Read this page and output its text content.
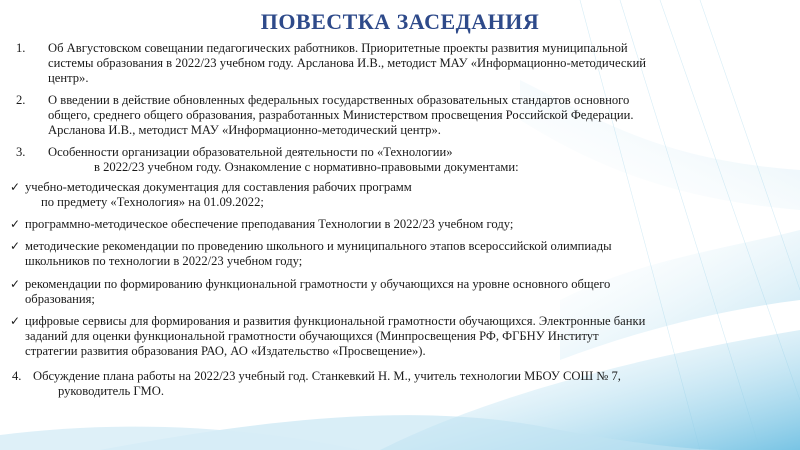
ПОВЕСТКА ЗАСЕДАНИЯ
1. Об Августовском совещании педагогических работников. Приоритетные проекты развития муниципальной
системы образования в 2022/23 учебном году. Арсланова И.В., методист МАУ «Информационно-методический
центр».
2. О введении в действие обновленных федеральных государственных образовательных стандартов основного
общего, среднего общего образования, разработанных Министерством просвещения Российской Федерации.
Арсланова И.В., методист МАУ «Информационно-методический центр».
3. Особенности организации образовательной деятельности по «Технологии»
в 2022/23 учебном году. Ознакомление с нормативно-правовыми документами:
✓ учебно-методическая документация для составления рабочих программ
по предмету «Технология» на 01.09.2022;
✓ программно-методическое обеспечение преподавания Технологии в 2022/23 учебном году;
✓ методические рекомендации по проведению школьного и муниципального этапов всероссийской олимпиады
школьников по технологии в 2022/23 учебном году;
✓ рекомендации по формированию функциональной грамотности у обучающихся на уровне основного общего
образования;
✓ цифровые сервисы для формирования и развития функциональной грамотности обучающихся. Электронные банки
заданий для оценки функциональной грамотности обучающихся (Минпросвещения РФ, ФГБНУ Институт
стратегии развития образования РАО, АО «Издательство «Просвещение»).
4. Обсуждение плана работы на 2022/23 учебный год. Станкевкий Н. М., учитель технологии МБОУ СОШ № 7,
руководитель ГМО.
